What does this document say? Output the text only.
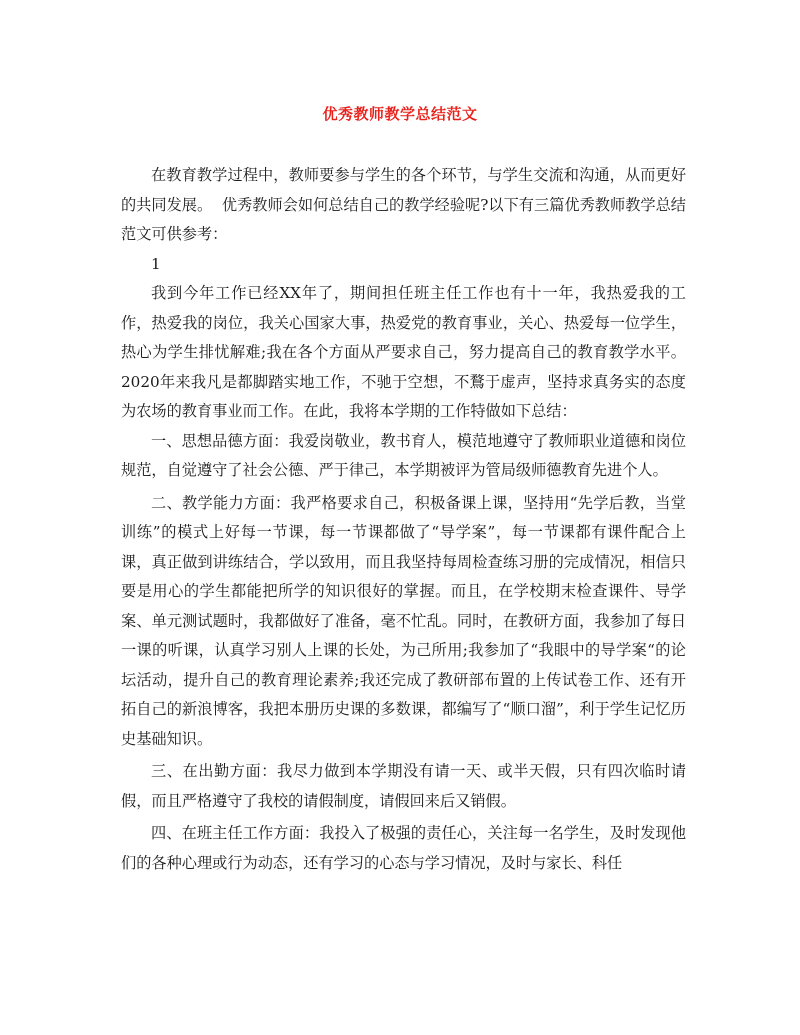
优秀教师教学总结范文

在教育教学过程中，教师要参与学生的各个环节，与学生交流和沟通，从而更好的共同发展。  优秀教师会如何总结自己的教学经验呢?以下有三篇优秀教师教学总结范文可供参考：

1

我到今年工作已经XX年了，期间担任班主任工作也有十一年，我热爱我的工作，热爱我的岗位，我关心国家大事，热爱党的教育事业，关心、热爱每一位学生，热心为学生排忧解难;我在各个方面从严要求自己，努力提高自己的教育教学水平。2020年来我凡是都脚踏实地工作，不驰于空想，不鶩于虚声，坚持求真务实的态度为农场的教育事业而工作。在此，我将本学期的工作特做如下总结：

一、思想品德方面：我爱岗敬业，教书育人，模范地遵守了教师职业道德和岗位规范，自觉遵守了社会公德、严于律己，本学期被评为管局级师德教育先进个人。

二、教学能力方面：我严格要求自己，积极备课上课，坚持用“先学后教，当堂训练”的模式上好每一节课，每一节课都做了“导学案”，每一节课都有课件配合上课，真正做到讲练结合，学以致用，而且我坚持每周检查练习册的完成情况，相信只要是用心的学生都能把所学的知识很好的掌握。而且，在学校期末检查课件、导学案、单元测试题时，我都做好了准备，毫不忙乱。同时，在教研方面，我参加了每日一课的听课，认真学习别人上课的长处，为己所用;我参加了“我眼中的导学案“的论坛活动，提升自己的教育理论素养;我还完成了教研部布置的上传试卷工作、还有开拓自己的新浪博客，我把本册历史课的多数课，都编写了“顺口溜”，利于学生记忆历史基础知识。

三、在出勤方面：我尽力做到本学期没有请一天、或半天假，只有四次临时请假，而且严格遵守了我校的请假制度，请假回来后又销假。

四、在班主任工作方面：我投入了极强的责任心，关注每一名学生，及时发现他们的各种心理或行为动态，还有学习的心态与学习情况，及时与家长、科任
